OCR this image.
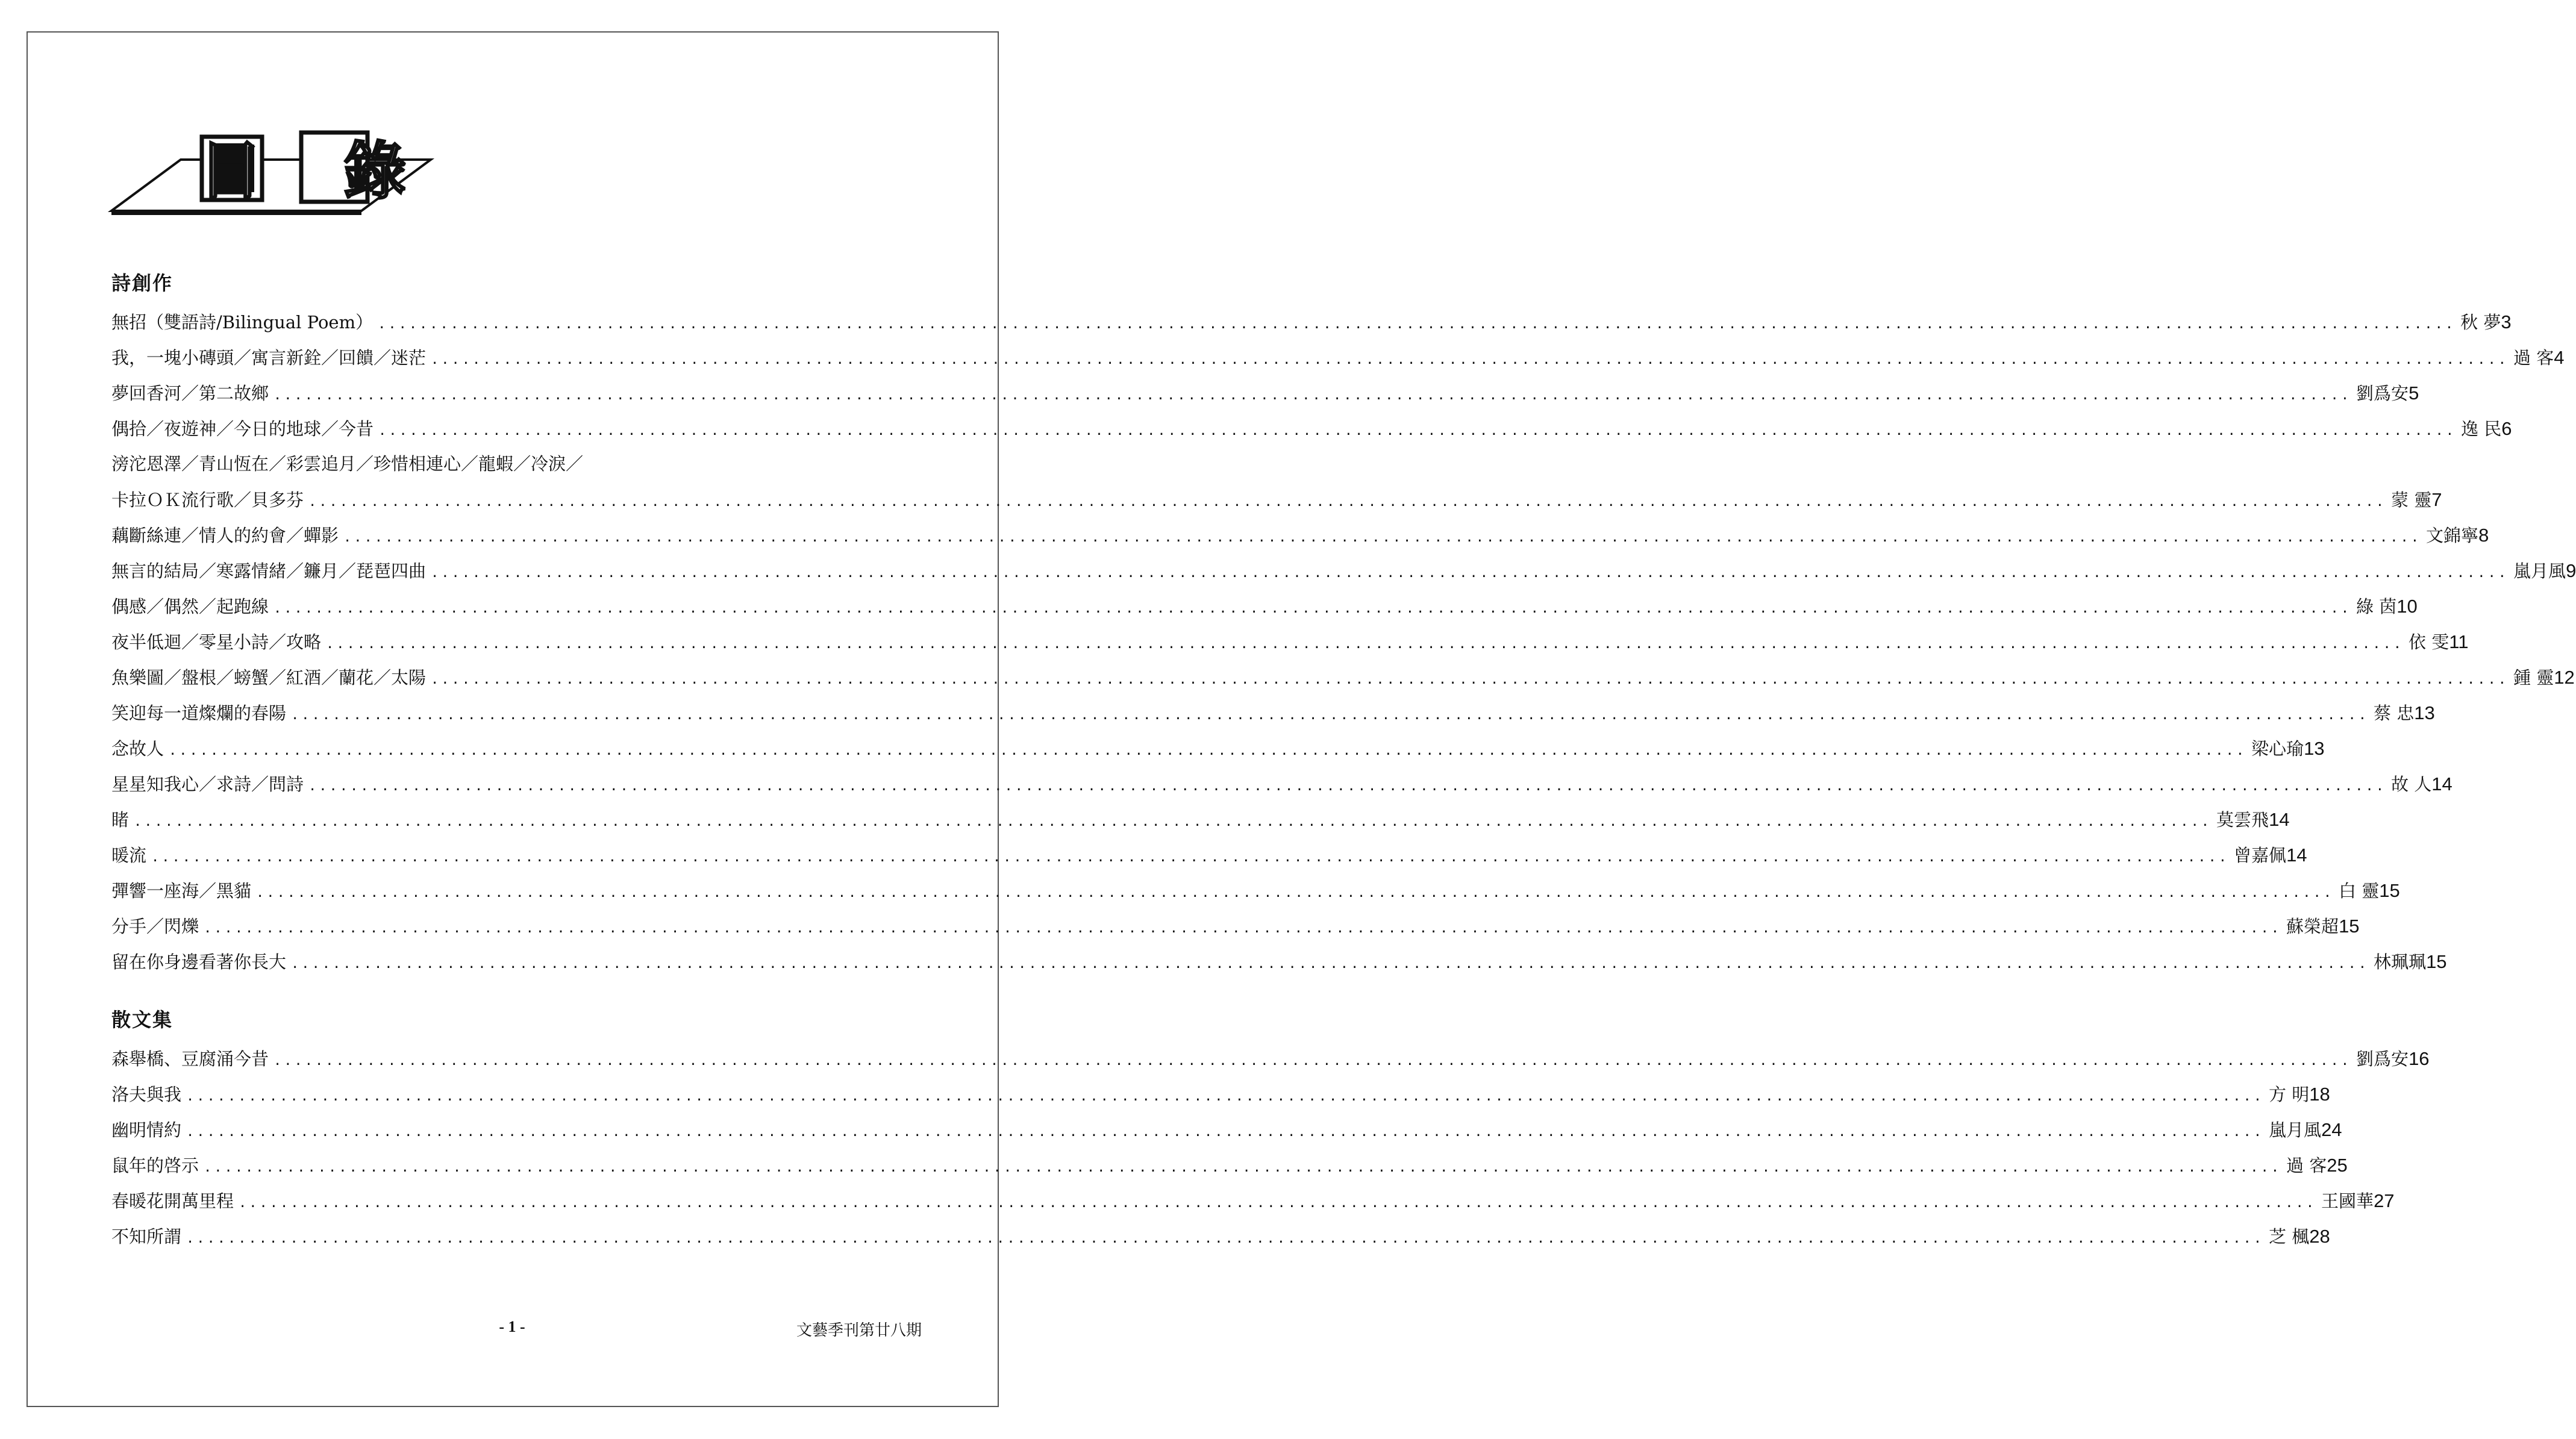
目 錄
詩創作
無招（雙語詩/Bilingual Poem） ........................................................................................................................................................................................................ 秋 夢 3
我，一塊小磚頭／寓言新銓／回饋／迷茫 ........................................................................................................................................................................................................ 過 客 4
夢回香河／第二故鄉 ........................................................................................................................................................................................................ 劉爲安 5
偶拾／夜遊神／今日的地球／今昔 ........................................................................................................................................................................................................ 逸 民 6
滂沱恩澤／青山恆在／彩雲追月／珍惜相連心／龍蝦／冷淚／
卡拉ＯＫ流行歌／貝多芬 ........................................................................................................................................................................................................ 蒙 靈 7
藕斷絲連／情人的約會／蟬影 ........................................................................................................................................................................................................ 文錦寧 8
無言的結局／寒露情緒／鐮月／琵琶四曲 ........................................................................................................................................................................................................ 嵐月風 9
偶感／偶然／起跑線 ........................................................................................................................................................................................................ 綠 茵 10
夜半低迴／零星小詩／攻略 ........................................................................................................................................................................................................ 依 雯 11
魚樂圖／盤根／螃蟹／紅酒／蘭花／太陽 ........................................................................................................................................................................................................ 鍾 靈 12
笑迎每一道燦爛的春陽 ........................................................................................................................................................................................................ 蔡 忠 13
念故人 ........................................................................................................................................................................................................ 梁心瑜 13
星星知我心／求詩／問詩 ........................................................................................................................................................................................................ 故 人 14
睹 ........................................................................................................................................................................................................ 莫雲飛 14
暖流 ........................................................................................................................................................................................................ 曾嘉佩 14
彈響一座海／黑貓 ........................................................................................................................................................................................................ 白 靈 15
分手／閃爍 ........................................................................................................................................................................................................ 蘇榮超 15
留在你身邊看著你長大 ........................................................................................................................................................................................................ 林珮珮 15
散文集
森舉橋、豆腐涌今昔 ........................................................................................................................................................................................................ 劉爲安 16
洛夫與我 ........................................................................................................................................................................................................ 方 明 18
幽明情約 ........................................................................................................................................................................................................ 嵐月風 24
鼠年的啓示 ........................................................................................................................................................................................................ 過 客 25
春暖花開萬里程 ........................................................................................................................................................................................................ 王國華 27
不知所謂 ........................................................................................................................................................................................................ 芝 楓 28
- 1 -	文藝季刊第廿八期
